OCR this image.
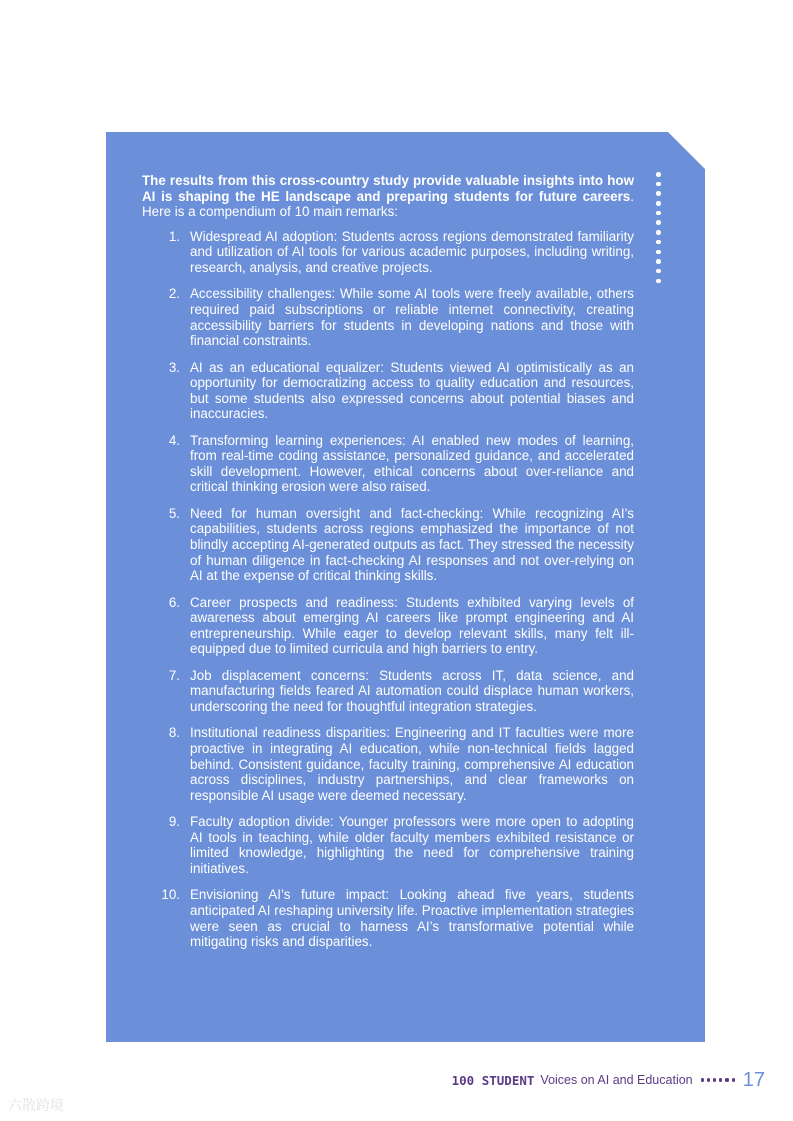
The results from this cross-country study provide valuable insights into how AI is shaping the HE landscape and preparing students for future careers. Here is a compendium of 10 main remarks:

1. Widespread AI adoption: Students across regions demonstrated familiarity and utilization of AI tools for various academic purposes, including writing, research, analysis, and creative projects.
2. Accessibility challenges: While some AI tools were freely available, others required paid subscriptions or reliable internet connectivity, creating accessibility barriers for students in developing nations and those with financial constraints.
3. AI as an educational equalizer: Students viewed AI optimistically as an opportunity for democratizing access to quality education and resources, but some students also expressed concerns about potential biases and inaccuracies.
4. Transforming learning experiences: AI enabled new modes of learning, from real-time coding assistance, personalized guidance, and accelerated skill development. However, ethical concerns about over-reliance and critical thinking erosion were also raised.
5. Need for human oversight and fact-checking: While recognizing AI’s capabilities, students across regions emphasized the importance of not blindly accepting AI-generated outputs as fact. They stressed the necessity of human diligence in fact-checking AI responses and not over-relying on AI at the expense of critical thinking skills.
6. Career prospects and readiness: Students exhibited varying levels of awareness about emerging AI careers like prompt engineering and AI entrepreneurship. While eager to develop relevant skills, many felt ill-equipped due to limited curricula and high barriers to entry.
7. Job displacement concerns: Students across IT, data science, and manufacturing fields feared AI automation could displace human workers, underscoring the need for thoughtful integration strategies.
8. Institutional readiness disparities: Engineering and IT faculties were more proactive in integrating AI education, while non-technical fields lagged behind. Consistent guidance, faculty training, comprehensive AI education across disciplines, industry partnerships, and clear frameworks on responsible AI usage were deemed necessary.
9. Faculty adoption divide: Younger professors were more open to adopting AI tools in teaching, while older faculty members exhibited resistance or limited knowledge, highlighting the need for comprehensive training initiatives.
10. Envisioning AI’s future impact: Looking ahead five years, students anticipated AI reshaping university life. Proactive implementation strategies were seen as crucial to harness AI’s transformative potential while mitigating risks and disparities.
100 STUDENT Voices on AI and Education	17
六散跨境
